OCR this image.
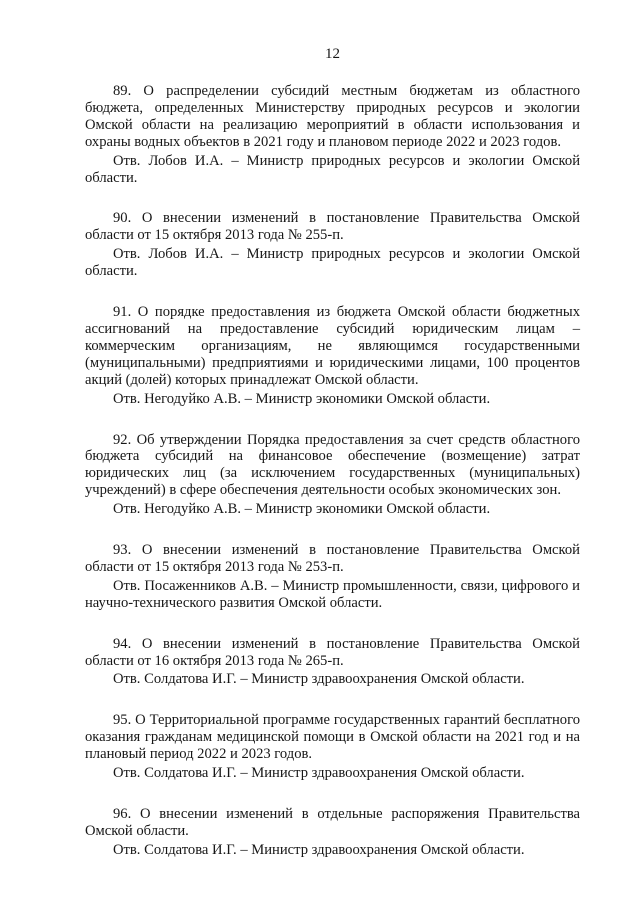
12

89. О распределении субсидий местным бюджетам из областного бюджета, определенных Министерству природных ресурсов и экологии Омской области на реализацию мероприятий в области использования и охраны водных объектов в 2021 году и плановом периоде 2022 и 2023 годов.

Отв. Лобов И.А. – Министр природных ресурсов и экологии Омской области.

90. О внесении изменений в постановление Правительства Омской области от 15 октября 2013 года № 255-п.

Отв. Лобов И.А. – Министр природных ресурсов и экологии Омской области.

91. О порядке предоставления из бюджета Омской области бюджетных ассигнований на предоставление субсидий юридическим лицам – коммерческим организациям, не являющимся государственными (муниципальными) предприятиями и юридическими лицами, 100 процентов акций (долей) которых принадлежат Омской области.

Отв. Негодуйко А.В. – Министр экономики Омской области.

92. Об утверждении Порядка предоставления за счет средств областного бюджета субсидий на финансовое обеспечение (возмещение) затрат юридических лиц (за исключением государственных (муниципальных) учреждений) в сфере обеспечения деятельности особых экономических зон.

Отв. Негодуйко А.В. – Министр экономики Омской области.

93. О внесении изменений в постановление Правительства Омской области от 15 октября 2013 года № 253-п.

Отв. Посаженников А.В. – Министр промышленности, связи, цифрового и научно-технического развития Омской области.

94. О внесении изменений в постановление Правительства Омской области от 16 октября 2013 года № 265-п.

Отв. Солдатова И.Г. – Министр здравоохранения Омской области.

95. О Территориальной программе государственных гарантий бесплатного оказания гражданам медицинской помощи в Омской области на 2021 год и на плановый период 2022 и 2023 годов.

Отв. Солдатова И.Г. – Министр здравоохранения Омской области.

96. О внесении изменений в отдельные распоряжения Правительства Омской области.

Отв. Солдатова И.Г. – Министр здравоохранения Омской области.
